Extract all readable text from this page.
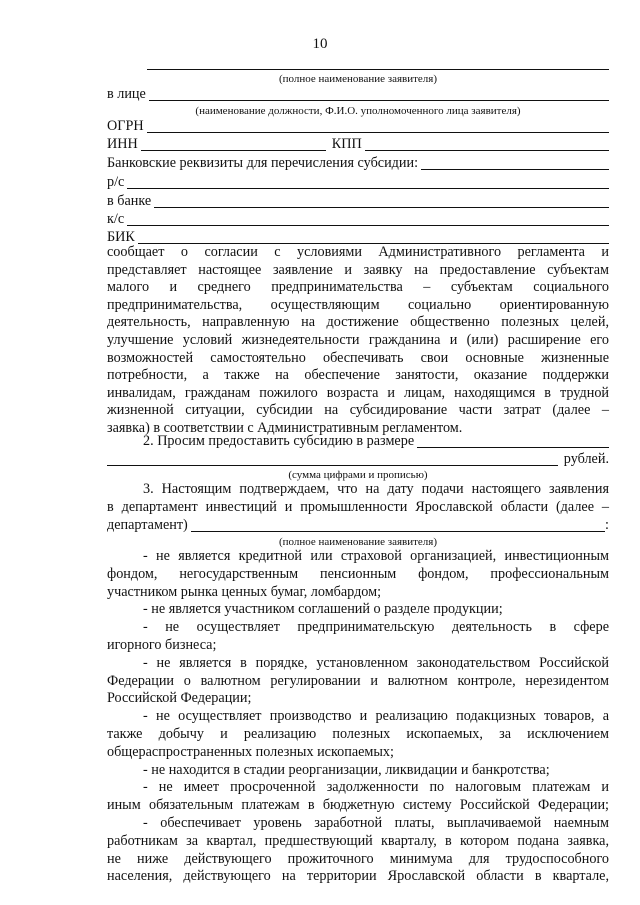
10
(полное наименование заявителя)
в лице
(наименование должности, Ф.И.О. уполномоченного лица заявителя)
ОГРН
ИНН	КПП
Банковские реквизиты для перечисления субсидии:
р/с
в банке
к/с
БИК
сообщает о согласии с условиями Административного регламента и
представляет настоящее заявление и заявку на предоставление субъектам
малого и среднего предпринимательства – субъектам социального
предпринимательства, осуществляющим социально ориентированную
деятельность, направленную на достижение общественно полезных целей,
улучшение условий жизнедеятельности гражданина и (или) расширение его
возможностей самостоятельно обеспечивать свои основные жизненные
потребности, а также на обеспечение занятости, оказание поддержки
инвалидам, гражданам пожилого возраста и лицам, находящимся в трудной
жизненной ситуации, субсидии на субсидирование части затрат (далее –
заявка) в соответствии с Административным регламентом.
2. Просим предоставить субсидию в размере
рублей.
(сумма цифрами и прописью)
3. Настоящим подтверждаем, что на дату подачи настоящего заявления
в департамент инвестиций и промышленности Ярославской области (далее –
департамент)	:
(полное наименование заявителя)
- не является кредитной или страховой организацией, инвестиционным
фондом, негосударственным пенсионным фондом, профессиональным
участником рынка ценных бумаг, ломбардом;
- не является участником соглашений о разделе продукции;
- не осуществляет предпринимательскую деятельность в сфере
игорного бизнеса;
- не является в порядке, установленном законодательством Российской
Федерации о валютном регулировании и валютном контроле, нерезидентом
Российской Федерации;
- не осуществляет производство и реализацию подакцизных товаров, а
также добычу и реализацию полезных ископаемых, за исключением
общераспространенных полезных ископаемых;
- не находится в стадии реорганизации, ликвидации и банкротства;
- не имеет просроченной задолженности по налоговым платежам и
иным обязательным платежам в бюджетную систему Российской Федерации;
- обеспечивает уровень заработной платы, выплачиваемой наемным
работникам за квартал, предшествующий кварталу, в котором подана заявка,
не ниже действующего прожиточного минимума для трудоспособного
населения, действующего на территории Ярославской области в квартале,
